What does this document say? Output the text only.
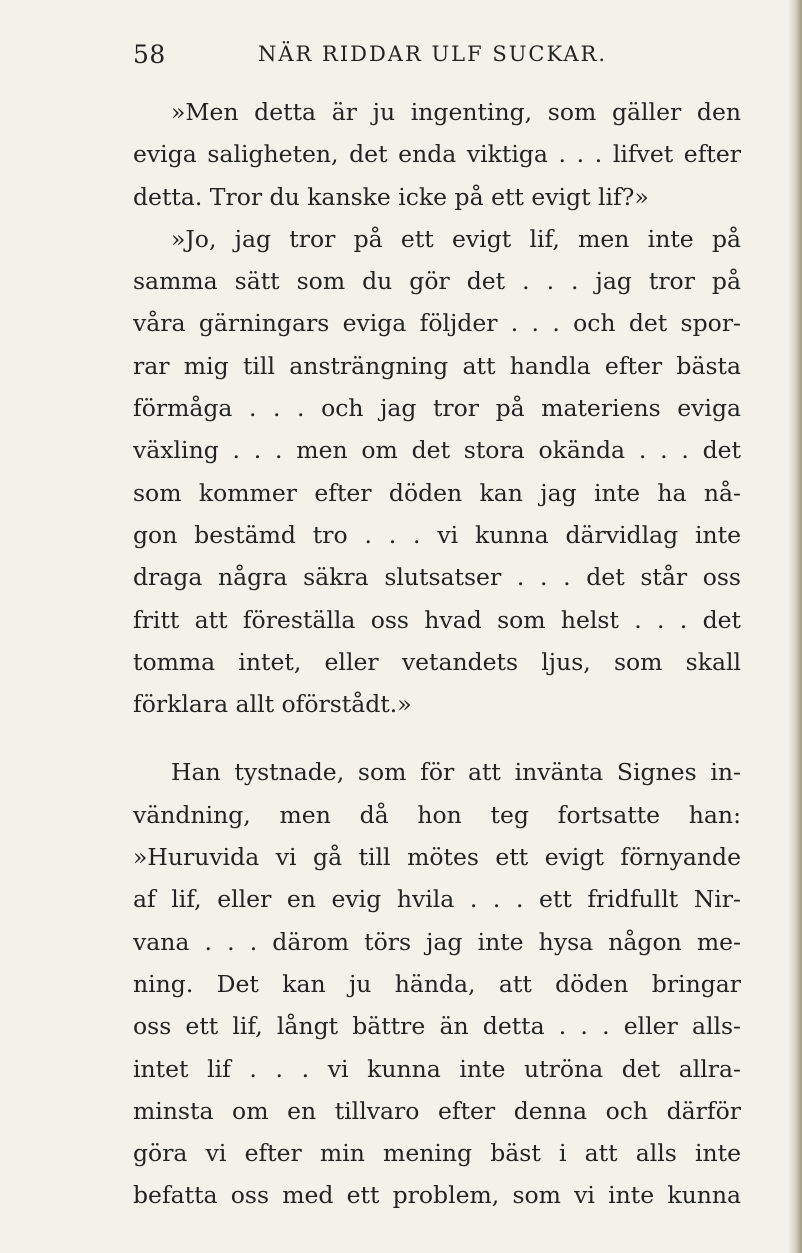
58	NÄR RIDDAR ULF SUCKAR.
»Men detta är ju ingenting, som gäller den
eviga saligheten, det enda viktiga . . . lifvet efter
detta. Tror du kanske icke på ett evigt lif?»
»Jo, jag tror på ett evigt lif, men inte på
samma sätt som du gör det . . . jag tror på
våra gärningars eviga följder . . . och det spor-
rar mig till ansträngning att handla efter bästa
förmåga . . . och jag tror på materiens eviga
växling . . . men om det stora okända . . . det
som kommer efter döden kan jag inte ha nå-
gon bestämd tro . . . vi kunna därvidlag inte
draga några säkra slutsatser . . . det står oss
fritt att föreställa oss hvad som helst . . . det
tomma intet, eller vetandets ljus, som skall
förklara allt oförstådt.»
Han tystnade, som för att invänta Signes in-
vändning, men då hon teg fortsatte han:
»Huruvida vi gå till mötes ett evigt förnyande
af lif, eller en evig hvila . . . ett fridfullt Nir-
vana . . . därom törs jag inte hysa någon me-
ning. Det kan ju hända, att döden bringar
oss ett lif, långt bättre än detta . . . eller alls-
intet lif . . . vi kunna inte utröna det allra-
minsta om en tillvaro efter denna och därför
göra vi efter min mening bäst i att alls inte
befatta oss med ett problem, som vi inte kunna
